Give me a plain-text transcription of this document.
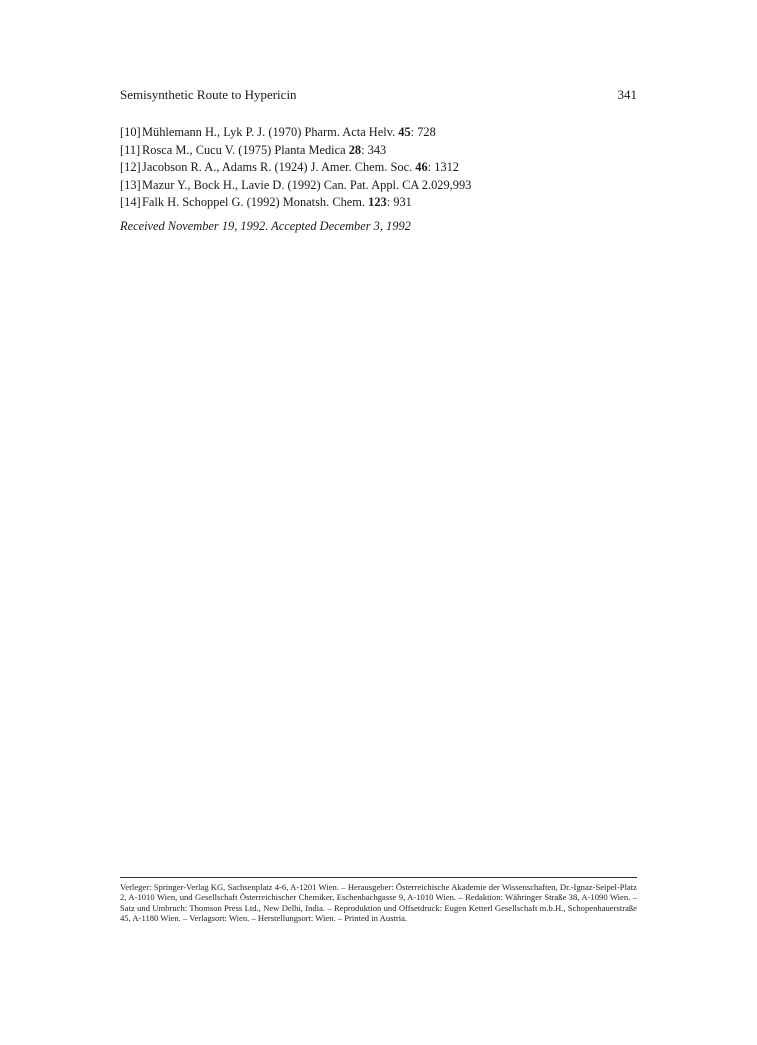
Semisynthetic Route to Hypericin	341
[10]Mühlemann H., Lyk P. J. (1970) Pharm. Acta Helv. 45: 728
[11] Rosca M., Cucu V. (1975) Planta Medica 28: 343
[12]Jacobson R. A., Adams R. (1924) J. Amer. Chem. Soc. 46: 1312
[13]Mazur Y., Bock H., Lavie D. (1992) Can. Pat. Appl. CA 2.029,993
[14]Falk H. Schoppel G. (1992) Monatsh. Chem. 123: 931
Received November 19, 1992. Accepted December 3, 1992
Verleger: Springer-Verlag KG, Sachsenplatz 4-6, A-1201 Wien. – Herausgeber: Österreichische Akademie der Wissenschaften, Dr.-Ignaz-Seipel-Platz 2, A-1010 Wien, und Gesellschaft Österreichischer Chemiker, Eschenbachgasse 9, A-1010 Wien. – Redaktion: Währinger Straße 38, A-1090 Wien. – Satz und Umbruch: Thomson Press Ltd., New Delhi, India. – Reproduktion und Offsetdruck: Eugen Ketterl Gesellschaft m.b.H., Schopenhauerstraße 45, A-1180 Wien. – Verlagsort: Wien. – Herstellungsort: Wien. – Printed in Austria.
